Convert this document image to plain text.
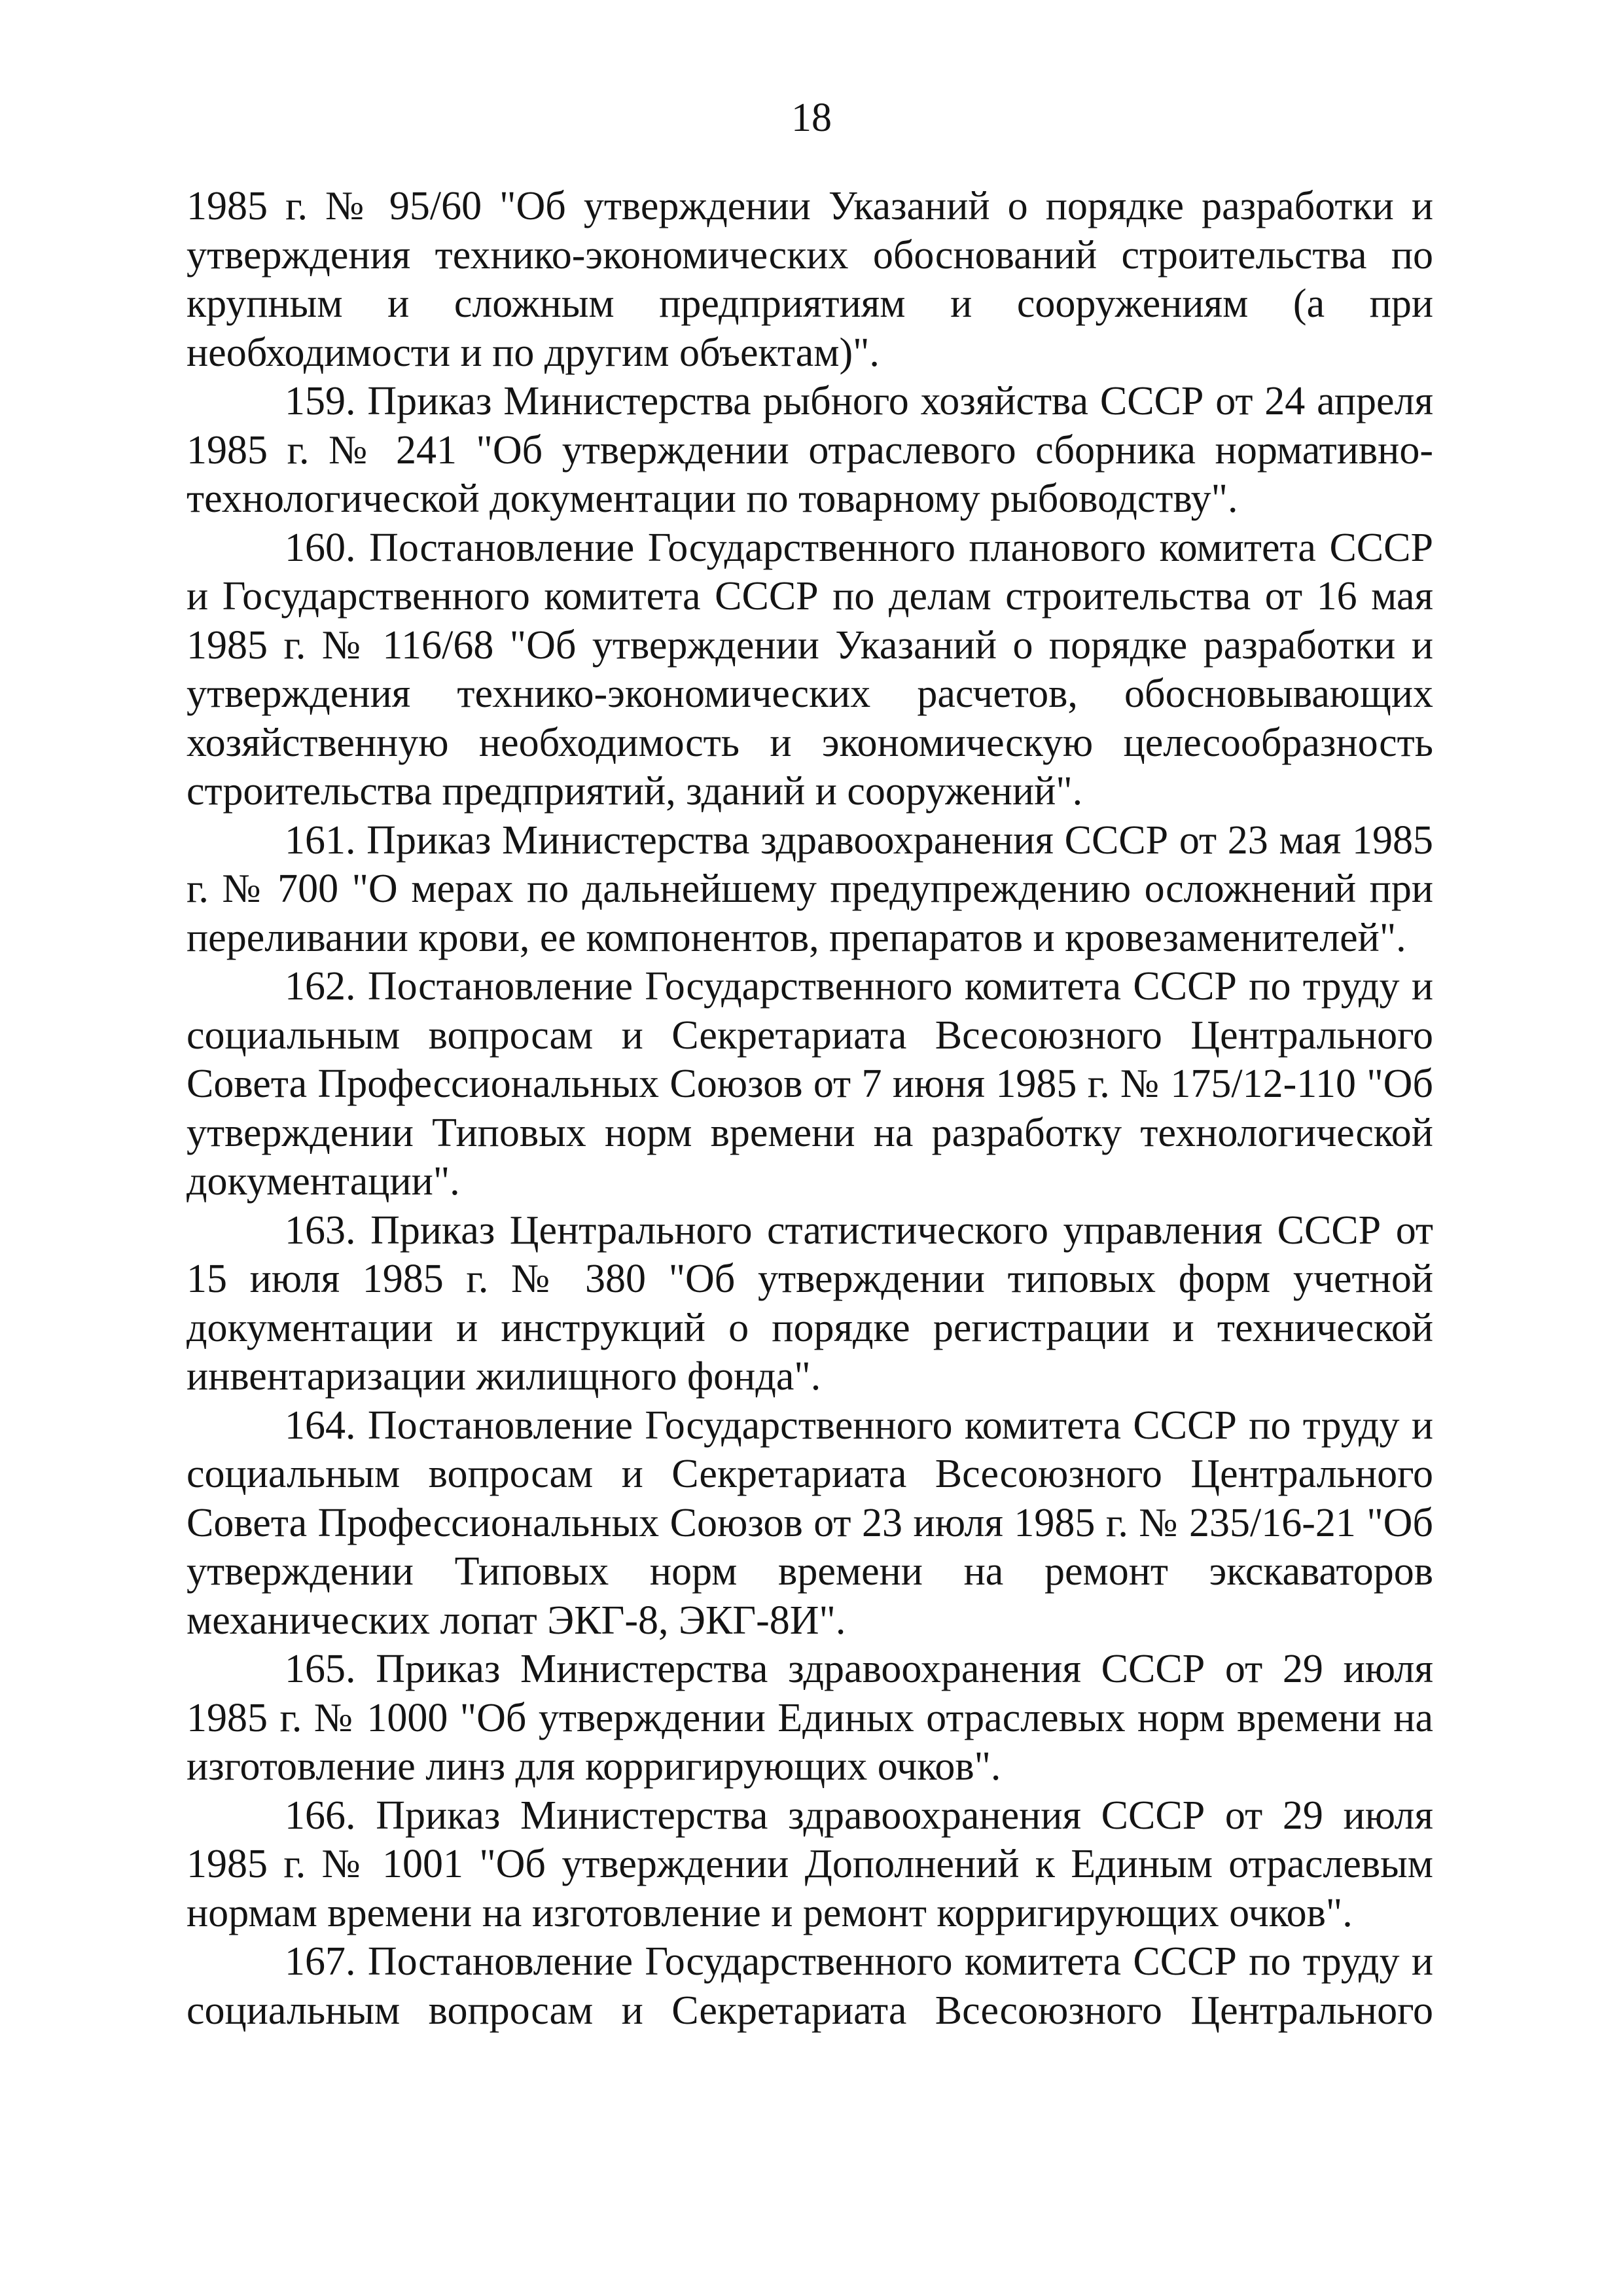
18

1985 г. № 95/60 "Об утверждении Указаний о порядке разработки и утверждения технико-экономических обоснований строительства по крупным и сложным предприятиям и сооружениям (а при необходимости и по другим объектам)".

159. Приказ Министерства рыбного хозяйства СССР от 24 апреля 1985 г. № 241 "Об утверждении отраслевого сборника нормативно-технологической документации по товарному рыбоводству".

160. Постановление Государственного планового комитета СССР и Государственного комитета СССР по делам строительства от 16 мая 1985 г. № 116/68 "Об утверждении Указаний о порядке разработки и утверждения технико-экономических расчетов, обосновывающих хозяйственную необходимость и экономическую целесообразность строительства предприятий, зданий и сооружений".

161. Приказ Министерства здравоохранения СССР от 23 мая 1985 г. № 700 "О мерах по дальнейшему предупреждению осложнений при переливании крови, ее компонентов, препаратов и кровезаменителей".

162. Постановление Государственного комитета СССР по труду и социальным вопросам и Секретариата Всесоюзного Центрального Совета Профессиональных Союзов от 7 июня 1985 г. № 175/12-110 "Об утверждении Типовых норм времени на разработку технологической документации".

163. Приказ Центрального статистического управления СССР от 15 июля 1985 г. № 380 "Об утверждении типовых форм учетной документации и инструкций о порядке регистрации и технической инвентаризации жилищного фонда".

164. Постановление Государственного комитета СССР по труду и социальным вопросам и Секретариата Всесоюзного Центрального Совета Профессиональных Союзов от 23 июля 1985 г. № 235/16-21 "Об утверждении Типовых норм времени на ремонт экскаваторов механических лопат ЭКГ-8, ЭКГ-8И".

165. Приказ Министерства здравоохранения СССР от 29 июля 1985 г. № 1000 "Об утверждении Единых отраслевых норм времени на изготовление линз для корригирующих очков".

166. Приказ Министерства здравоохранения СССР от 29 июля 1985 г. № 1001 "Об утверждении Дополнений к Единым отраслевым нормам времени на изготовление и ремонт корригирующих очков".

167. Постановление Государственного комитета СССР по труду и социальным вопросам и Секретариата Всесоюзного Центрального
